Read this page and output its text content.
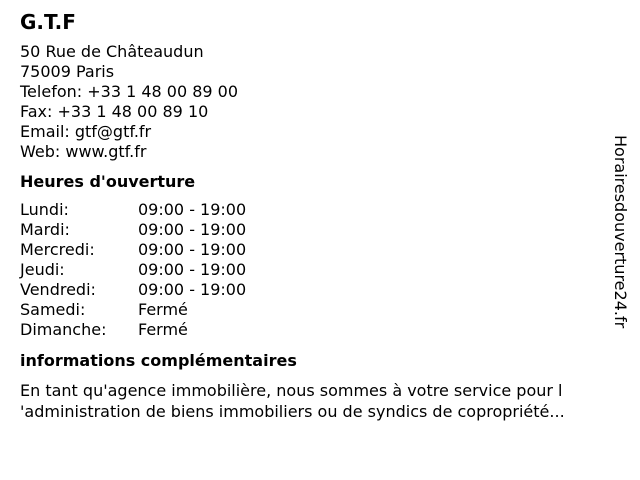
G.T.F
50 Rue de Châteaudun
75009 Paris
Telefon: +33 1 48 00 89 00
Fax: +33 1 48 00 89 10
Email: gtf@gtf.fr
Web: www.gtf.fr
Heures d'ouverture
Lundi:	09:00 - 19:00
Mardi:	09:00 - 19:00
Mercredi:	09:00 - 19:00
Jeudi:	09:00 - 19:00
Vendredi:	09:00 - 19:00
Samedi:	Fermé
Dimanche:	Fermé
informations complémentaires

En tant qu'agence immobilière, nous sommes à votre service pour l 'administration de biens immobiliers ou de syndics de copropriété...

Horairesdouverture24.fr
